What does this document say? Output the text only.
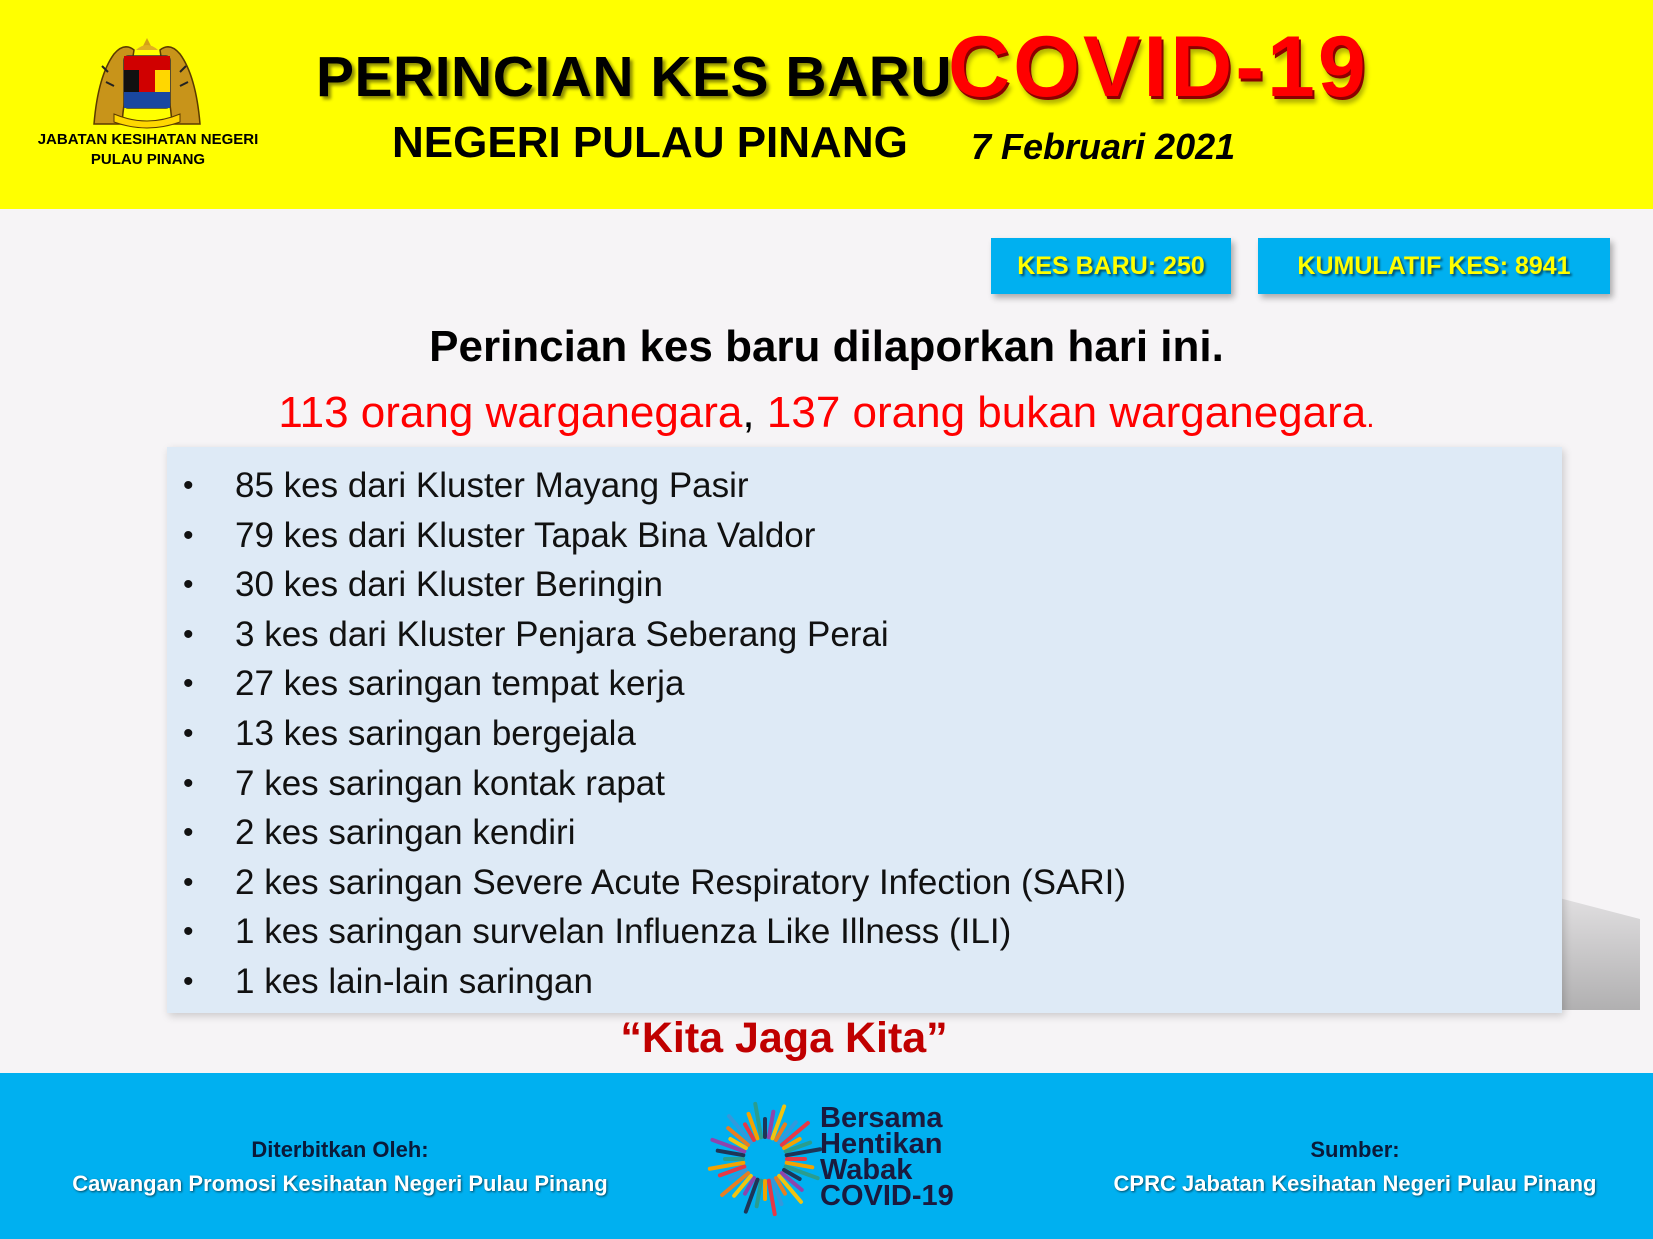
JABATAN KESIHATAN NEGERI
PULAU PINANG
PERINCIAN KES BARU
COVID-19
NEGERI PULAU PINANG 7 Februari 2021
KES BARU: 250	KUMULATIF KES: 8941
Perincian kes baru dilaporkan hari ini.
113 orang warganegara, 137 orang bukan warganegara.
• 85 kes dari Kluster Mayang Pasir
• 79 kes dari Kluster Tapak Bina Valdor
• 30 kes dari Kluster Beringin
• 3 kes dari Kluster Penjara Seberang Perai
• 27 kes saringan tempat kerja
• 13 kes saringan bergejala
• 7 kes saringan kontak rapat
• 2 kes saringan kendiri
• 2 kes saringan Severe Acute Respiratory Infection (SARI)
• 1 kes saringan survelan Influenza Like Illness (ILI)
• 1 kes lain-lain saringan
“Kita Jaga Kita”
Diterbitkan Oleh:
Cawangan Promosi Kesihatan Negeri Pulau Pinang
Bersama
Hentikan
Wabak
COVID-19
Sumber:
CPRC Jabatan Kesihatan Negeri Pulau Pinang
